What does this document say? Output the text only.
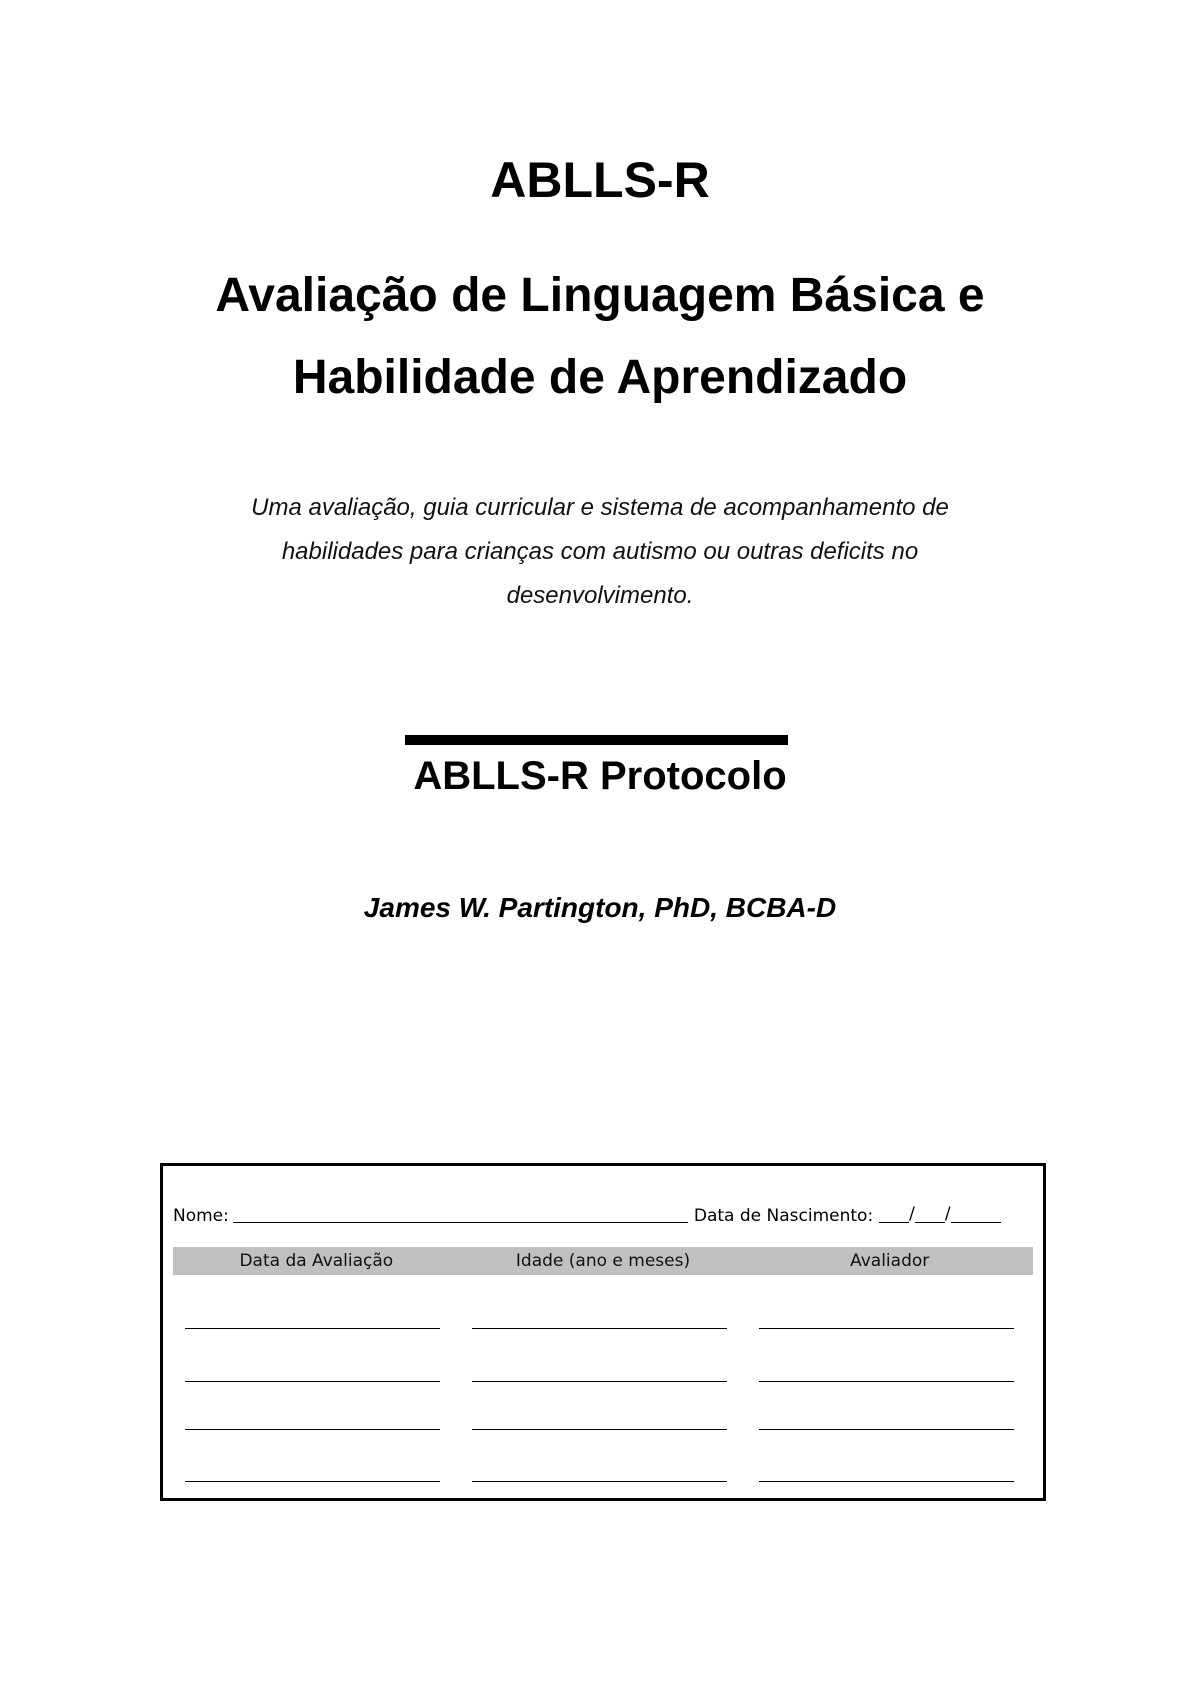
ABLLS-R
Avaliação de Linguagem Básica e
Habilidade de Aprendizado
Uma avaliação, guia curricular e sistema de acompanhamento de
habilidades para crianças com autismo ou outras deficits no
desenvolvimento.
ABLLS-R Protocolo
James W. Partington, PhD, BCBA-D
Nome:	Data de Nascimento: / /
Data da Avaliação	Idade (ano e meses)	Avaliador
